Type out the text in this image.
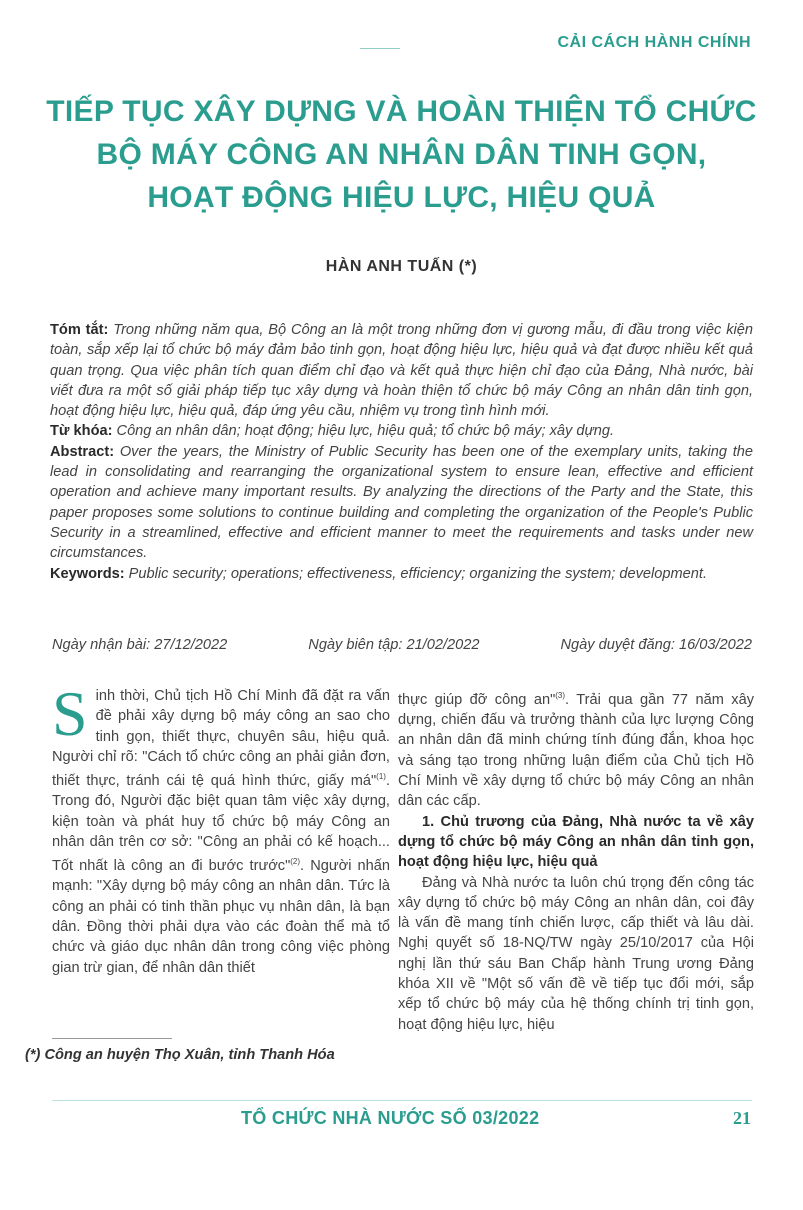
CẢI CÁCH HÀNH CHÍNH
TIẾP TỤC XÂY DỰNG VÀ HOÀN THIỆN TỔ CHỨC
BỘ MÁY CÔNG AN NHÂN DÂN TINH GỌN,
HOẠT ĐỘNG HIỆU LỰC, HIỆU QUẢ
HÀN ANH TUẤN (*)

Tóm tắt: Trong những năm qua, Bộ Công an là một trong những đơn vị gương mẫu, đi đầu trong việc kiện toàn, sắp xếp lại tổ chức bộ máy đảm bảo tinh gọn, hoạt động hiệu lực, hiệu quả và đạt được nhiều kết quả quan trọng. Qua việc phân tích quan điểm chỉ đạo và kết quả thực hiện chỉ đạo của Đảng, Nhà nước, bài viết đưa ra một số giải pháp tiếp tục xây dựng và hoàn thiện tổ chức bộ máy Công an nhân dân tinh gọn, hoạt động hiệu lực, hiệu quả, đáp ứng yêu cầu, nhiệm vụ trong tình hình mới.

Từ khóa: Công an nhân dân; hoạt động; hiệu lực, hiệu quả; tổ chức bộ máy; xây dựng.

Abstract: Over the years, the Ministry of Public Security has been one of the exemplary units, taking the lead in consolidating and rearranging the organizational system to ensure lean, effective and efficient operation and achieve many important results. By analyzing the directions of the Party and the State, this paper proposes some solutions to continue building and completing the organization of the People's Public Security in a streamlined, effective and efficient manner to meet the requirements and tasks under new circumstances.

Keywords: Public security; operations; effectiveness, efficiency; organizing the system; development.

Ngày nhận bài: 27/12/2022	Ngày biên tập: 21/02/2022	Ngày duyệt đăng: 16/03/2022

Sinh thời, Chủ tịch Hồ Chí Minh đã đặt ra vấn đề phải xây dựng bộ máy công an sao cho tinh gọn, thiết thực, chuyên sâu, hiệu quả. Người chỉ rõ: "Cách tổ chức công an phải giản đơn, thiết thực, tránh cái tệ quá hình thức, giấy má"$^{(1)}$. Trong đó, Người đặc biệt quan tâm việc xây dựng, kiện toàn và phát huy tổ chức bộ máy Công an nhân dân trên cơ sở: "Công an phải có kế hoạch... Tốt nhất là công an đi bước trước"$^{(2)}$. Người nhấn mạnh: "Xây dựng bộ máy công an nhân dân. Tức là công an phải có tinh thần phục vụ nhân dân, là bạn dân. Đồng thời phải dựa vào các đoàn thể mà tổ chức và giáo dục nhân dân trong công việc phòng gian trừ gian, để nhân dân thiết

thực giúp đỡ công an"$^{(3)}$. Trải qua gần 77 năm xây dựng, chiến đấu và trưởng thành của lực lượng Công an nhân dân đã minh chứng tính đúng đắn, khoa học và sáng tạo trong những luận điểm của Chủ tịch Hồ Chí Minh về xây dựng tổ chức bộ máy Công an nhân dân các cấp.

1. Chủ trương của Đảng, Nhà nước ta về xây dựng tổ chức bộ máy Công an nhân dân tinh gọn, hoạt động hiệu lực, hiệu quả

Đảng và Nhà nước ta luôn chú trọng đến công tác xây dựng tổ chức bộ máy Công an nhân dân, coi đây là vấn đề mang tính chiến lược, cấp thiết và lâu dài. Nghị quyết số 18-NQ/TW ngày 25/10/2017 của Hội nghị lần thứ sáu Ban Chấp hành Trung ương Đảng khóa XII về "Một số vấn đề về tiếp tục đổi mới, sắp xếp tổ chức bộ máy của hệ thống chính trị tinh gọn, hoạt động hiệu lực, hiệu

(*) Công an huyện Thọ Xuân, tỉnh Thanh Hóa
TỔ CHỨC NHÀ NƯỚC SỐ 03/2022	21
